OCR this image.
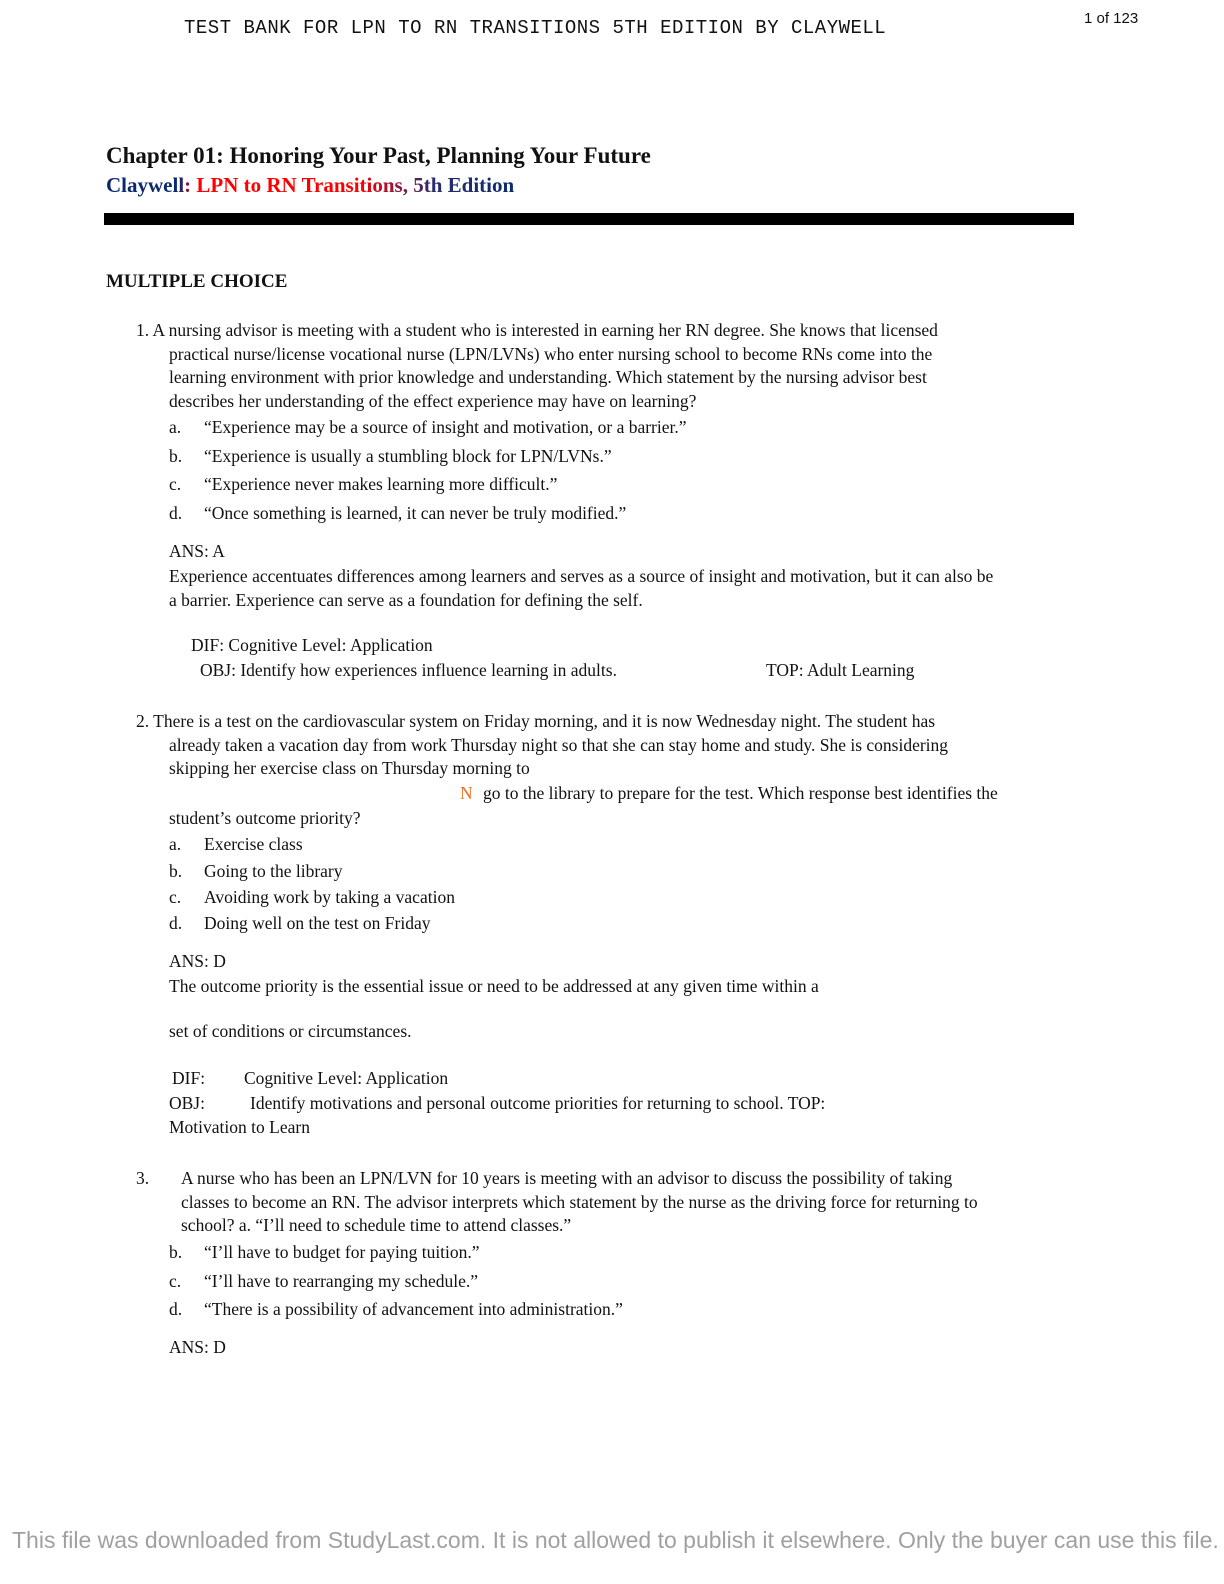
TEST BANK FOR LPN TO RN TRANSITIONS 5TH EDITION BY CLAYWELL	1 of 123
Chapter 01: Honoring Your Past, Planning Your Future
Claywell: LPN to RN Transitions, 5th Edition
MULTIPLE CHOICE
1. A nursing advisor is meeting with a student who is interested in earning her RN degree. She knows that licensed
practical nurse/license vocational nurse (LPN/LVNs) who enter nursing school to become RNs come into the
learning environment with prior knowledge and understanding. Which statement by the nursing advisor best
describes her understanding of the effect experience may have on learning?
a. “Experience may be a source of insight and motivation, or a barrier.”
b. “Experience is usually a stumbling block for LPN/LVNs.”
c. “Experience never makes learning more difficult.”
d. “Once something is learned, it can never be truly modified.”
ANS: A
Experience accentuates differences among learners and serves as a source of insight and motivation, but it can also be
a barrier. Experience can serve as a foundation for defining the self.
DIF: Cognitive Level: Application
OBJ: Identify how experiences influence learning in adults.	TOP: Adult Learning
2. There is a test on the cardiovascular system on Friday morning, and it is now Wednesday night. The student has
already taken a vacation day from work Thursday night so that she can stay home and study. She is considering
skipping her exercise class on Thursday morning to
N go to the library to prepare for the test. Which response best identifies the
student’s outcome priority?
a. Exercise class
b. Going to the library
c. Avoiding work by taking a vacation
d. Doing well on the test on Friday
ANS: D
The outcome priority is the essential issue or need to be addressed at any given time within a
set of conditions or circumstances.
DIF: Cognitive Level: Application
OBJ:	Identify motivations and personal outcome priorities for returning to school. TOP:
Motivation to Learn
3. A nurse who has been an LPN/LVN for 10 years is meeting with an advisor to discuss the possibility of taking
classes to become an RN. The advisor interprets which statement by the nurse as the driving force for returning to
school? a. “I’ll need to schedule time to attend classes.”
b. “I’ll have to budget for paying tuition.”
c. “I’ll have to rearranging my schedule.”
d. “There is a possibility of advancement into administration.”
ANS: D
This file was downloaded from StudyLast.com. It is not allowed to publish it elsewhere. Only the buyer can use this file.
